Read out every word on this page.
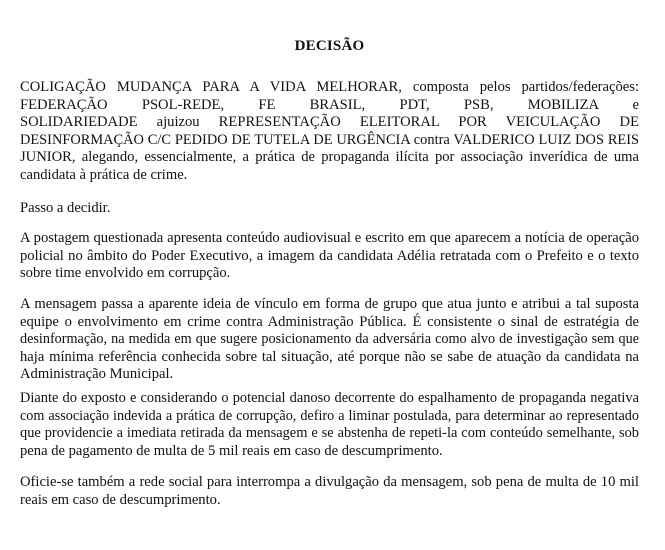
DECISÃO
COLIGAÇÃO MUDANÇA PARA A VIDA MELHORAR, composta pelos partidos/federações:
FEDERAÇÃO PSOL-REDE, FE BRASIL, PDT, PSB, MOBILIZA e
SOLIDARIEDADE ajuizou REPRESENTAÇÃO ELEITORAL POR VEICULAÇÃO DE
DESINFORMAÇÃO C/C PEDIDO DE TUTELA DE URGÊNCIA contra VALDERICO LUIZ DOS REIS
JUNIOR, alegando, essencialmente, a prática de propaganda ilícita por associação inverídica de uma
candidata à prática de crime.
Passo a decidir.
A postagem questionada apresenta conteúdo audiovisual e escrito em que aparecem a notícia de operação
policial no âmbito do Poder Executivo, a imagem da candidata Adélia retratada com o Prefeito e o texto
sobre time envolvido em corrupção.
A mensagem passa a aparente ideia de vínculo em forma de grupo que atua junto e atribui a tal suposta
equipe o envolvimento em crime contra Administração Pública. É consistente o sinal de estratégia de
desinformação, na medida em que sugere posicionamento da adversária como alvo de investigação sem que
haja mínima referência conhecida sobre tal situação, até porque não se sabe de atuação da candidata na
Administração Municipal.
Diante do exposto e considerando o potencial danoso decorrente do espalhamento de propaganda negativa
com associação indevida a prática de corrupção, defiro a liminar postulada, para determinar ao representado
que providencie a imediata retirada da mensagem e se abstenha de repeti-la com conteúdo semelhante, sob
pena de pagamento de multa de 5 mil reais em caso de descumprimento.
Oficie-se também a rede social para interrompa a divulgação da mensagem, sob pena de multa de 10 mil
reais em caso de descumprimento.
